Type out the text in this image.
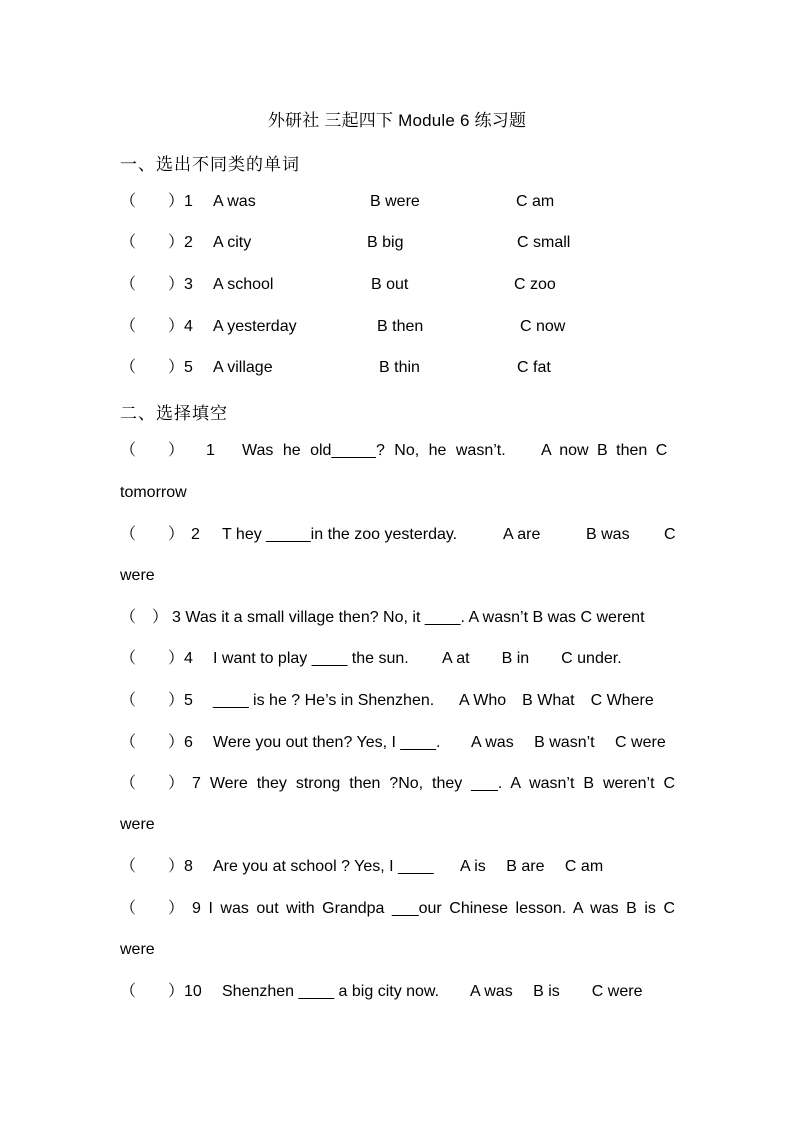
外研社 三起四下 Module 6 练习题
一、选出不同类的单词
（　　） 1 A was	B were	C am
（　　） 2 A city	B big	C small
（　　） 3 A school	B out	C zoo
（　　） 4 A yesterday	B then	C now
（　　） 5 A village	B thin	C fat
二、选择填空
（　　） 1 Was he old_____? No, he wasn’t. A now B then C
tomorrow
（　　） 2 T hey _____in the zoo yesterday.	A are	B was C
were
（　） 3 Was it a small village then? No, it ____. A wasn’t B was C werent
（　　） 4 I want to play ____ the sun. A at　　B in　　C under.
（　　） 5 ____ is he ? He’s in Shenzhen. A Who　B What　C Where
（　　） 6 Were you out then? Yes, I ____. A was　 B wasn’t　 C were
（　　） 7 Were they strong then ?No, they ___. A wasn’t B weren’t C
were
（　　） 8 Are you at school ? Yes, I ____ A is　 B are　 C am
（　　） 9 I was out with Grandpa ___our Chinese lesson. A was B is C
were
（　　） 10 Shenzhen ____ a big city now. A was　 B is　　C were
